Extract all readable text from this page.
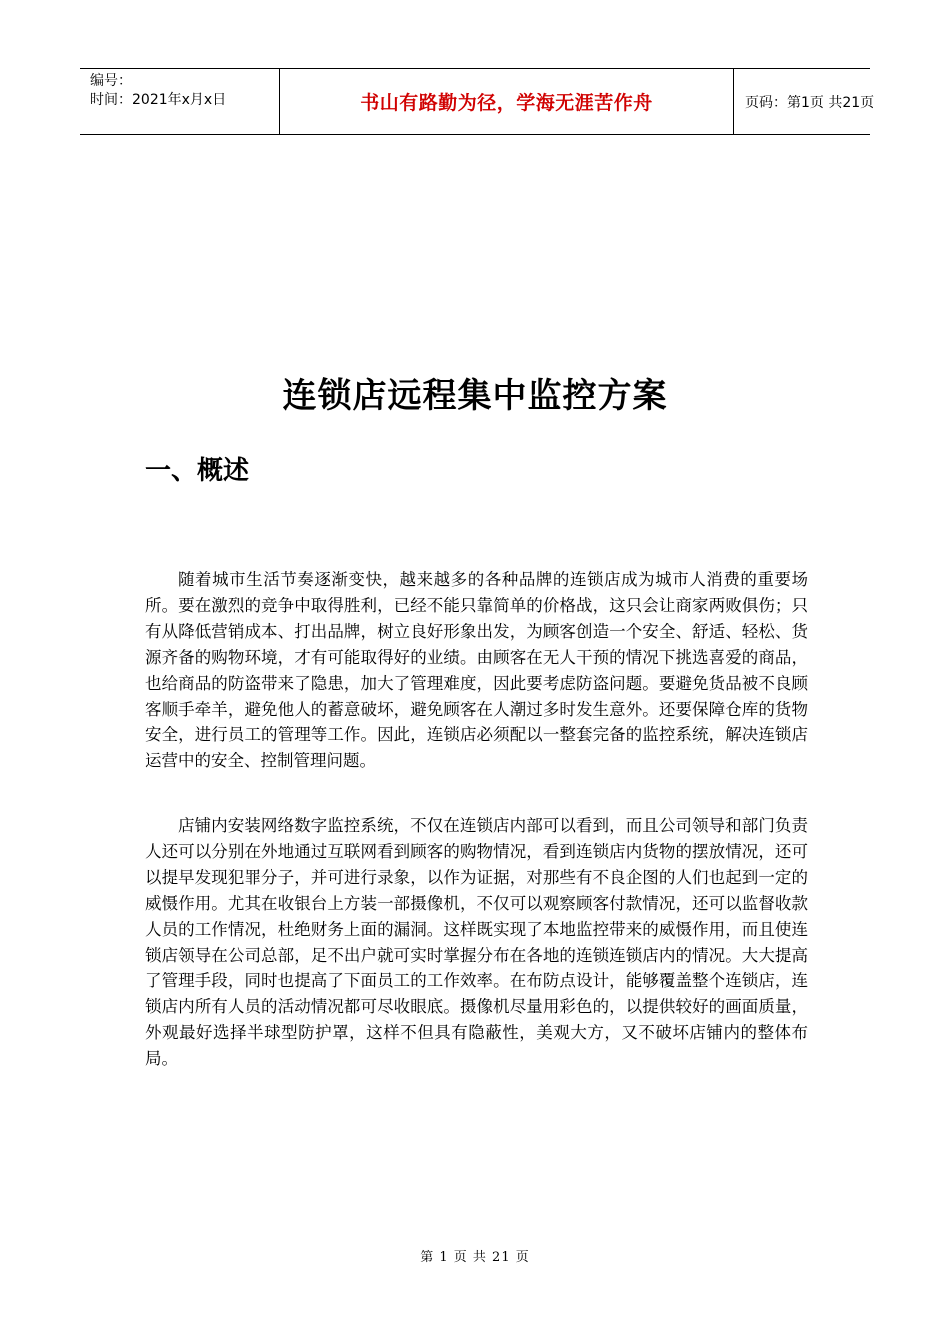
编号：
时间：2021年x月x日	书山有路勤为径，学海无涯苦作舟	页码：第1页 共21页
连锁店远程集中监控方案
一、概述

随着城市生活节奏逐渐变快，越来越多的各种品牌的连锁店成为城市人消费的重要场所。要在激烈的竞争中取得胜利，已经不能只靠简单的价格战，这只会让商家两败俱伤；只有从降低营销成本、打出品牌，树立良好形象出发，为顾客创造一个安全、舒适、轻松、货源齐备的购物环境，才有可能取得好的业绩。由顾客在无人干预的情况下挑选喜爱的商品，也给商品的防盗带来了隐患，加大了管理难度，因此要考虑防盗问题。要避免货品被不良顾客顺手牵羊，避免他人的蓄意破坏，避免顾客在人潮过多时发生意外。还要保障仓库的货物安全，进行员工的管理等工作。因此，连锁店必须配以一整套完备的监控系统，解决连锁店运营中的安全、控制管理问题。

店铺内安装网络数字监控系统，不仅在连锁店内部可以看到，而且公司领导和部门负责人还可以分别在外地通过互联网看到顾客的购物情况，看到连锁店内货物的摆放情况，还可以提早发现犯罪分子，并可进行录象，以作为证据，对那些有不良企图的人们也起到一定的威慑作用。尤其在收银台上方装一部摄像机，不仅可以观察顾客付款情况，还可以监督收款人员的工作情况，杜绝财务上面的漏洞。这样既实现了本地监控带来的威慑作用，而且使连锁店领导在公司总部，足不出户就可实时掌握分布在各地的连锁连锁店内的情况。大大提高了管理手段，同时也提高了下面员工的工作效率。在布防点设计，能够覆盖整个连锁店，连锁店内所有人员的活动情况都可尽收眼底。摄像机尽量用彩色的，以提供较好的画面质量，外观最好选择半球型防护罩，这样不但具有隐蔽性，美观大方，又不破坏店铺内的整体布局。

第 1 页 共 21 页
